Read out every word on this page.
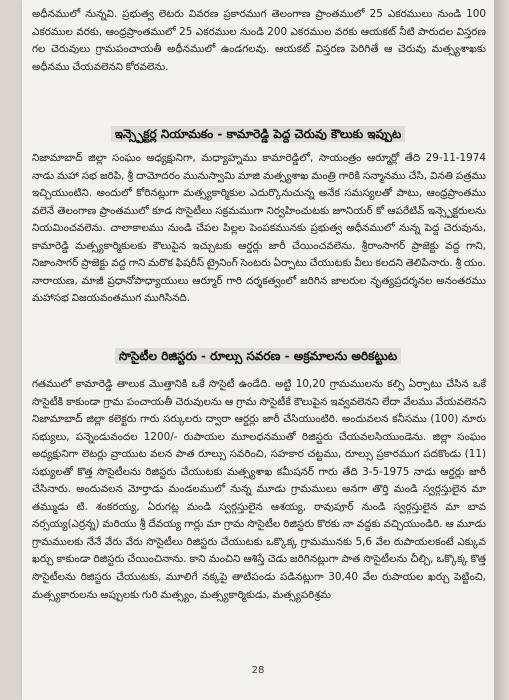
అధీనములో నున్నవి. ప్రభుత్వ లెటరు వివరణ ప్రకారముగ తెలంగాణ ప్రాంతములో 25 ఎకరములు నుండి 100 ఎకరముల వరకు, ఆంధ్రప్రాంతములో 25 ఎకరముల నుండి 200 ఎకరముల వరకు ఆయకట్ నీటి పారుదల విస్తరణ గల చెరువులు గ్రామపంచాయతీ అధీనములో ఉండగలవు. ఆయకట్ విస్తరణ పెరిగితే ఆ చెరువు మత్స్యశాఖకు అధీనము చేయవలెనని కోరవలెను.
ఇన్స్పెక్టర్ల నియామకం - కామారెడ్డి పెద్ద చెరువు కౌలుకు ఇప్పుట
నిజామాబాద్ జిల్లా సంఘం అధ్యక్షునిగా, మధ్యాహ్నము కామారెడ్డిలో, సాయంత్రం ఆర్మూర్లో తేది 29-11-1974 నాడు మహా సభ జరిపి, శ్రీ దామోదరం మునుస్వామి మాజి మత్స్యశాఖ మంత్రి గారికి సన్మానము చేసి, వినతి పత్రము ఇచ్చియుంటిని. అందులో కోరినట్లుగా మత్స్యకార్మికుల ఎదుర్కొనుచున్న అనేక సమస్యలతో పాటు, ఆంధ్రప్రాంతము వలెనే తెలంగాణ ప్రాంతములో కూడ సొసైటీలు సక్రమముగా నిర్వహించుటకు జూనియర్ కో ఆపరేటివ్ ఇన్స్పెక్టరులను నియమించవలెను. చాలాకాలము నుండి చేపల పిల్లల పెంపకమునకు ప్రభుత్వ అధీనములో నున్న పెద్ద చెరువును, కామారెడ్డి మత్స్యకార్మికులకు కౌలుపైన ఇచ్చుటకు ఆర్డర్లు జారీ చేయించవలెను. శ్రీరాంసాగర్ ప్రాజెక్టు వద్ద గాని, నిజాంసాగర్ ప్రాజెక్టు వద్ద గాని మరొక ఫిషరీస్ ట్రైనింగ్ సెంటరు ఏర్పాటు చేయుటకు వీలు కలదని తెలిపినారు. శ్రీ యం. నారాయణ, మాజీ ప్రధానోపాధ్యాయులు ఆర్మూర్ గారి దర్శకత్వంలో జరిగిన జాలరుల నృత్యప్రదర్శనల అనంతరము మహాసభ విజయవంతముగ ముగిసినది.
సొసైటీల రిజిస్టరు - రూల్సు సవరణ - అక్రమాలను అరికట్టుట
గతములో కామారెడ్డి తాలుక మొత్తానికి ఒకే సొసైటీ ఉండేది. అట్టి 10,20 గ్రామములను కల్పి ఏర్పాటు చేసిన ఒకే సొసైటీకి కాకుండా గ్రామ పంచాయతీ చెరువులను ఆ గ్రామ సొసైటీకే కౌలుపైన ఇవ్వవలెనని లేదా వేలము వేయవలెనని నిజామాబాద్ జిల్లా కలెక్టరు గారు సర్కులరు ద్వారా ఆర్డర్లు జారీ చేసియుంటిరి. అందువలన కనీసము (100) నూరు సభ్యులు, పన్నెండువందల 1200/- రుపాయల మూలధనముతో రిజిస్టరు చేయవలసియుండెను. జిల్లా సంఘం అధ్యక్షునిగా లెటర్లు వ్రాయుట వలన పాత రూల్సు సవరించి, సహకార చట్టము, రూల్సు ప్రకారముగ పదకొండు (11) సభ్యులతో కొత్త సొసైటీలను రిజిస్టరు చేయుటకు మత్స్యశాఖ కమీషనర్ గారు తేది 3-5-1975 నాడు ఆర్డర్లు జారీ చేసినారు. అందువలన మోర్తాడు మండలములో నున్న మూడు గ్రామములు అనగా తొర్తి మండి స్వర్గస్తులైన మా తమ్ముడు టి. శంకరయ్య, ఏరుగట్ల మండి స్వర్గస్తులైన ఆశయ్య, రావుపూర్ నుండి స్వర్గస్తులైన మా బావ నర్సయ్య(ఎర్రన్న) మరియు శ్రీ దేవయ్య గార్లు మా గ్రామ సొసైటీల రిజిస్టరు కొరకు నా వద్దకు వచ్చియుండిరి. ఆ మూడు గ్రామములకు నేనే వేరు వేరు సొసైటీలు రిజిస్టరు చేయుటకు ఒక్కొక్క గ్రామమునకు 5,6 వేల రుపాయలకంటే ఎక్కువ ఖర్చు కాకుండా రిజిస్టరు చేయించినాను. కాని మంచిని ఆశిస్తే చెడు జరిగినట్లుగా పాత సొసైటీలను చీల్చి, ఒక్కొక్క కొత్త సొసైటీలను రిజిస్టరు చేయుటకు, మూలిగే నక్కపై తాటిపండు పడినట్లుగా 30,40 వేల రుపాయల ఖర్చు పెట్టించి, మత్స్యకారులను అప్పులకు గురి మత్స్యం, మత్స్యకార్మికుడు, మత్స్యపరిశ్రమ
28
